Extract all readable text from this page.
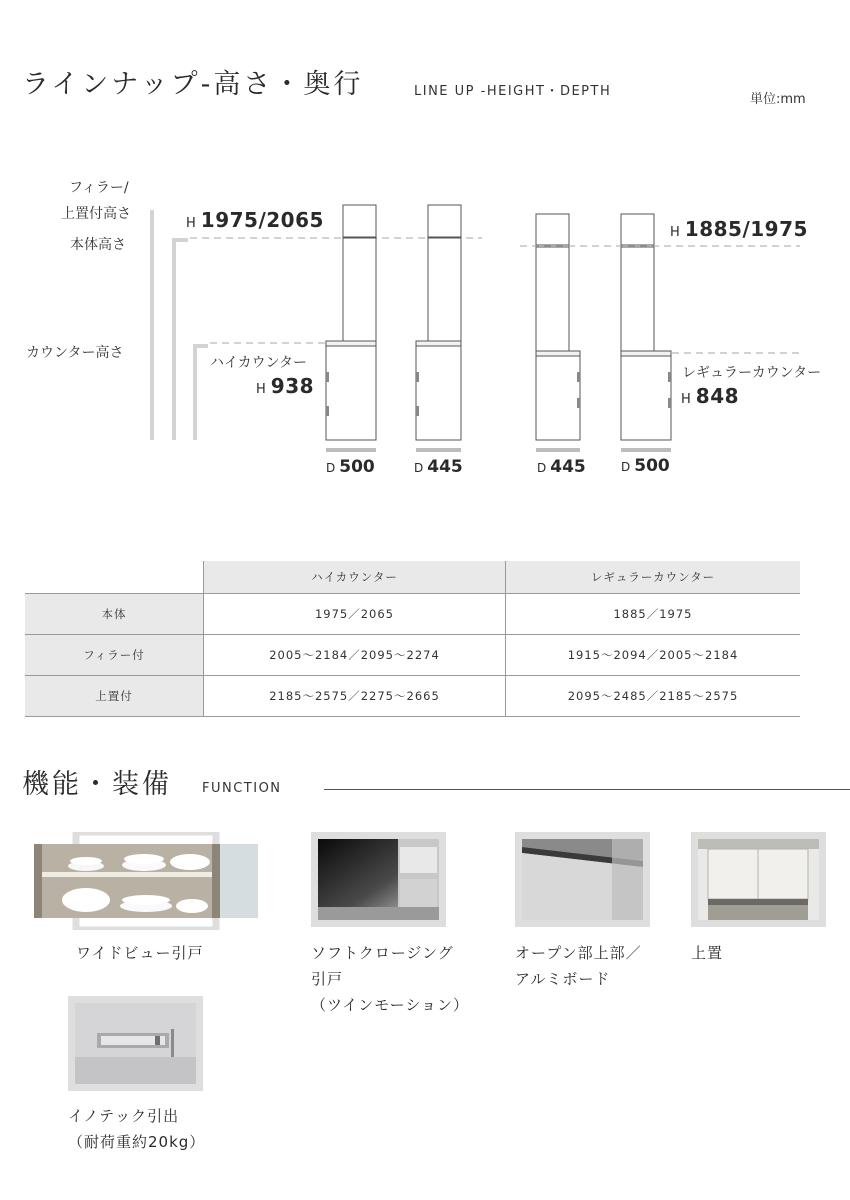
ラインナップ-高さ・奥行	LINE UP -HEIGHT・DEPTH
単位:mm
フィラー/
上置付高さ
本体高さ
カウンター高さ
H 1975/2065
ハイカウンター
H 938
H 1885/1975
レギュラーカウンター
H 848
D 500	D 445	D 445	D 500
	ハイカウンター	レギュラーカウンター
本体	1975／2065	1885／1975
フィラー付	2005～2184／2095～2274	1915～2094／2005～2184
上置付	2185～2575／2275～2665	2095～2485／2185～2575
機能・装備 FUNCTION
ワイドビュー引戸	ソフトクロージング
引戸
（ツインモーション）
オープン部上部／
アルミボード
上置
イノテック引出
（耐荷重約20kg）
